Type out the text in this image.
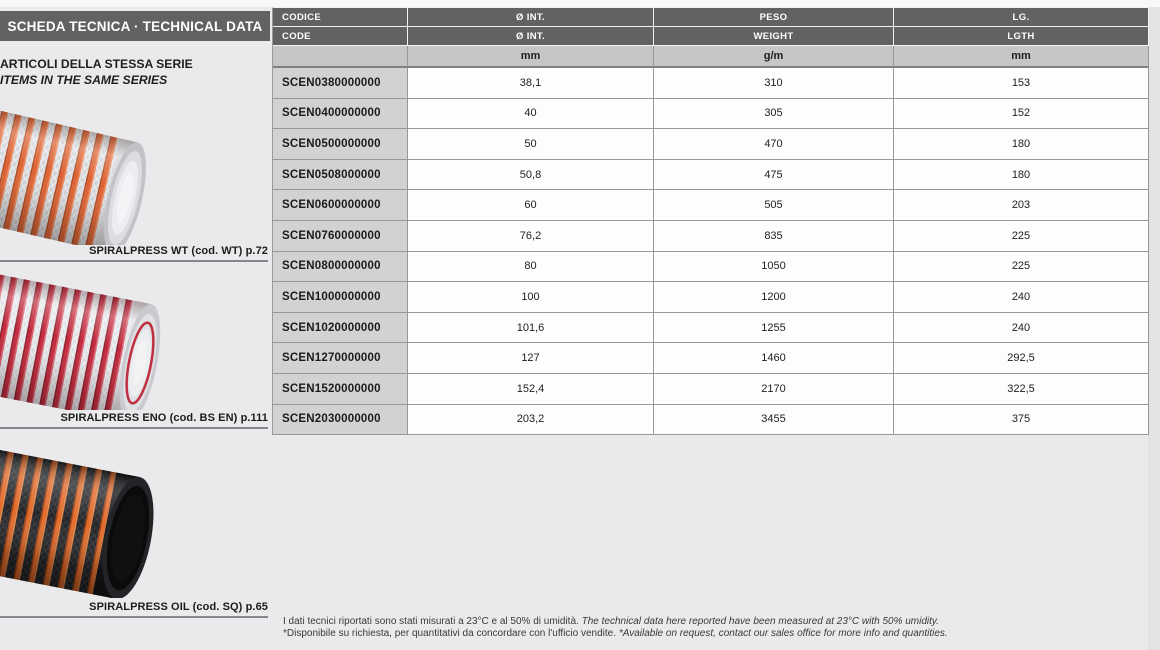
SCHEDA TECNICA · TECHNICAL DATA
ARTICOLI DELLA STESSA SERIE
ITEMS IN THE SAME SERIES
SPIRALPRESS WT (cod. WT) p.72
SPIRALPRESS ENO (cod. BS EN) p.111
SPIRALPRESS OIL (cod. SQ) p.65
CODICE	Ø INT.	PESO	LG.
CODE	Ø INT.	WEIGHT	LGTH
	mm	g/m	mm
SCEN0380000000	38,1	310	153
SCEN0400000000	40	305	152
SCEN0500000000	50	470	180
SCEN0508000000	50,8	475	180
SCEN0600000000	60	505	203
SCEN0760000000	76,2	835	225
SCEN0800000000	80	1050	225
SCEN1000000000	100	1200	240
SCEN1020000000	101,6	1255	240
SCEN1270000000	127	1460	292,5
SCEN1520000000	152,4	2170	322,5
SCEN2030000000	203,2	3455	375
I dati tecnici riportati sono stati misurati a 23°C e al 50% di umidità. The technical data here reported have been measured at 23°C with 50% umidity.
*Disponibile su richiesta, per quantitativi da concordare con l'ufficio vendite. *Available on request, contact our sales office for more info and quantities.
